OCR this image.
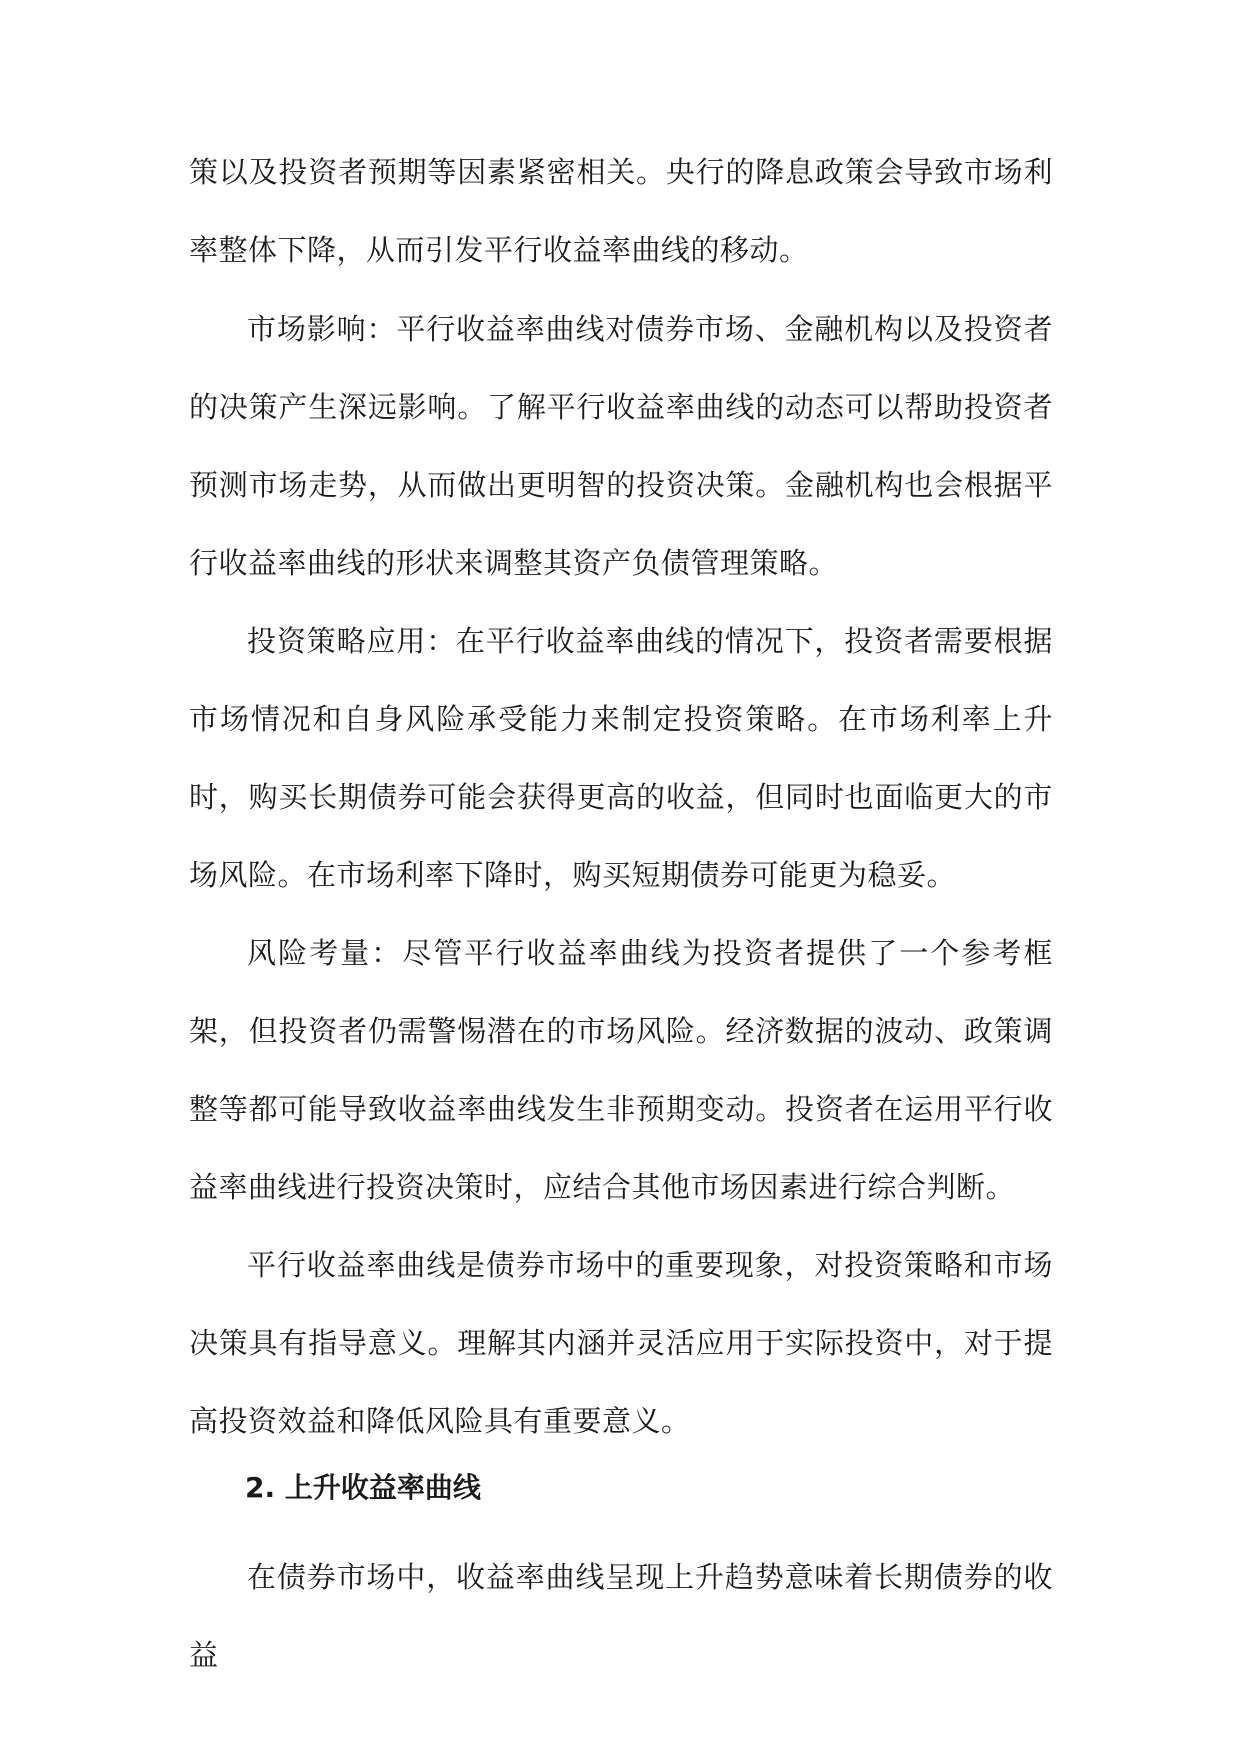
策以及投资者预期等因素紧密相关。央行的降息政策会导致市场利率整体下降，从而引发平行收益率曲线的移动。

市场影响：平行收益率曲线对债券市场、金融机构以及投资者的决策产生深远影响。了解平行收益率曲线的动态可以帮助投资者预测市场走势，从而做出更明智的投资决策。金融机构也会根据平行收益率曲线的形状来调整其资产负债管理策略。

投资策略应用：在平行收益率曲线的情况下，投资者需要根据市场情况和自身风险承受能力来制定投资策略。在市场利率上升时，购买长期债券可能会获得更高的收益，但同时也面临更大的市场风险。在市场利率下降时，购买短期债券可能更为稳妥。

风险考量：尽管平行收益率曲线为投资者提供了一个参考框架，但投资者仍需警惕潜在的市场风险。经济数据的波动、政策调整等都可能导致收益率曲线发生非预期变动。投资者在运用平行收益率曲线进行投资决策时，应结合其他市场因素进行综合判断。

平行收益率曲线是债券市场中的重要现象，对投资策略和市场决策具有指导意义。理解其内涵并灵活应用于实际投资中，对于提高投资效益和降低风险具有重要意义。

2. 上升收益率曲线

在债券市场中，收益率曲线呈现上升趋势意味着长期债券的收益
